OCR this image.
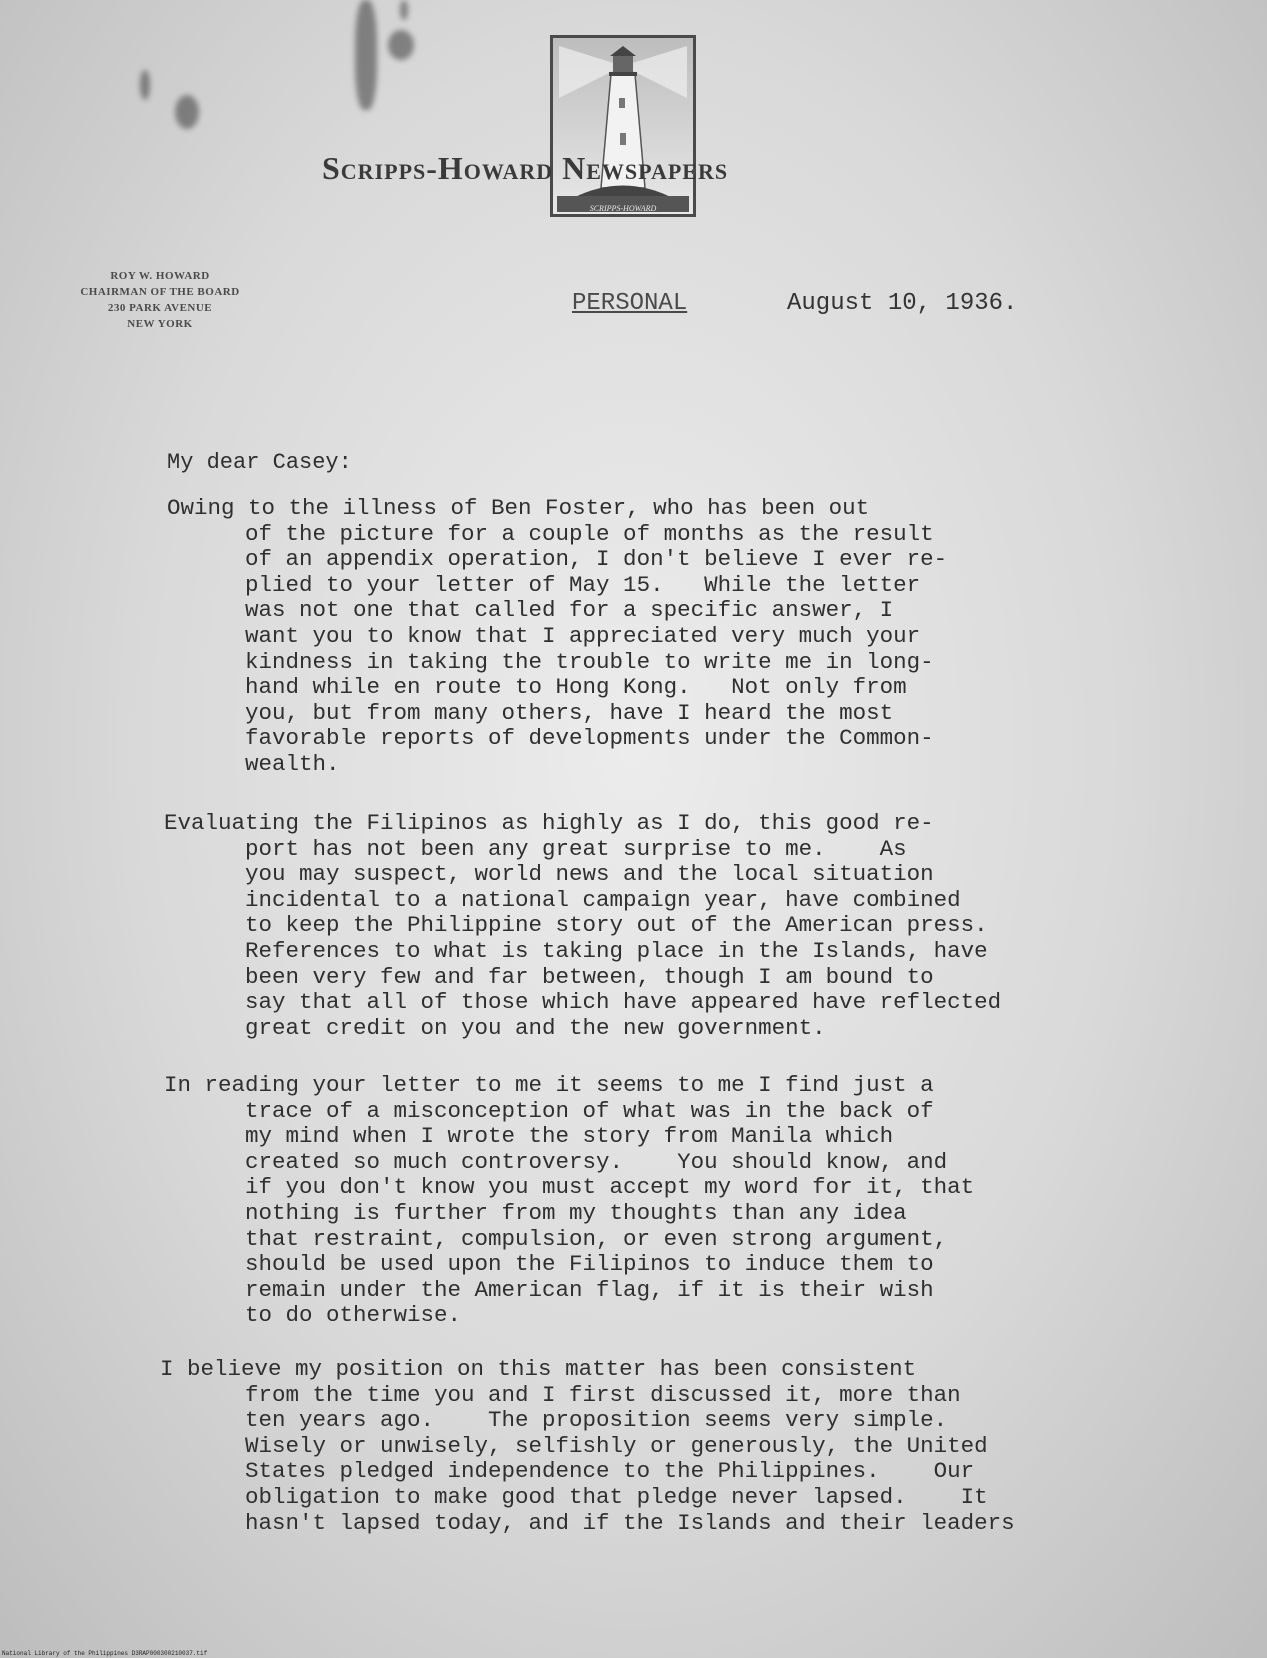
SCRIPPS-HOWARD
Scripps-Howard Newspapers
ROY W. HOWARD
CHAIRMAN OF THE BOARD
230 PARK AVENUE
NEW YORK
PERSONAL	August 10, 1936.
My dear Casey:
Owing to the illness of Ben Foster, who has been out
of the picture for a couple of months as the result
of an appendix operation, I don't believe I ever re-
plied to your letter of May 15.   While the letter
was not one that called for a specific answer, I
want you to know that I appreciated very much your
kindness in taking the trouble to write me in long-
hand while en route to Hong Kong.   Not only from
you, but from many others, have I heard the most
favorable reports of developments under the Common-
wealth.
Evaluating the Filipinos as highly as I do, this good re-
port has not been any great surprise to me.    As
you may suspect, world news and the local situation
incidental to a national campaign year, have combined
to keep the Philippine story out of the American press.
References to what is taking place in the Islands, have
been very few and far between, though I am bound to
say that all of those which have appeared have reflected
great credit on you and the new government.
In reading your letter to me it seems to me I find just a
trace of a misconception of what was in the back of
my mind when I wrote the story from Manila which
created so much controversy.    You should know, and
if you don't know you must accept my word for it, that
nothing is further from my thoughts than any idea
that restraint, compulsion, or even strong argument,
should be used upon the Filipinos to induce them to
remain under the American flag, if it is their wish
to do otherwise.
I believe my position on this matter has been consistent
from the time you and I first discussed it, more than
ten years ago.    The proposition seems very simple.
Wisely or unwisely, selfishly or generously, the United
States pledged independence to the Philippines.    Our
obligation to make good that pledge never lapsed.    It
hasn't lapsed today, and if the Islands and their leaders
National Library of the Philippines D3RAP000300210037.tif
